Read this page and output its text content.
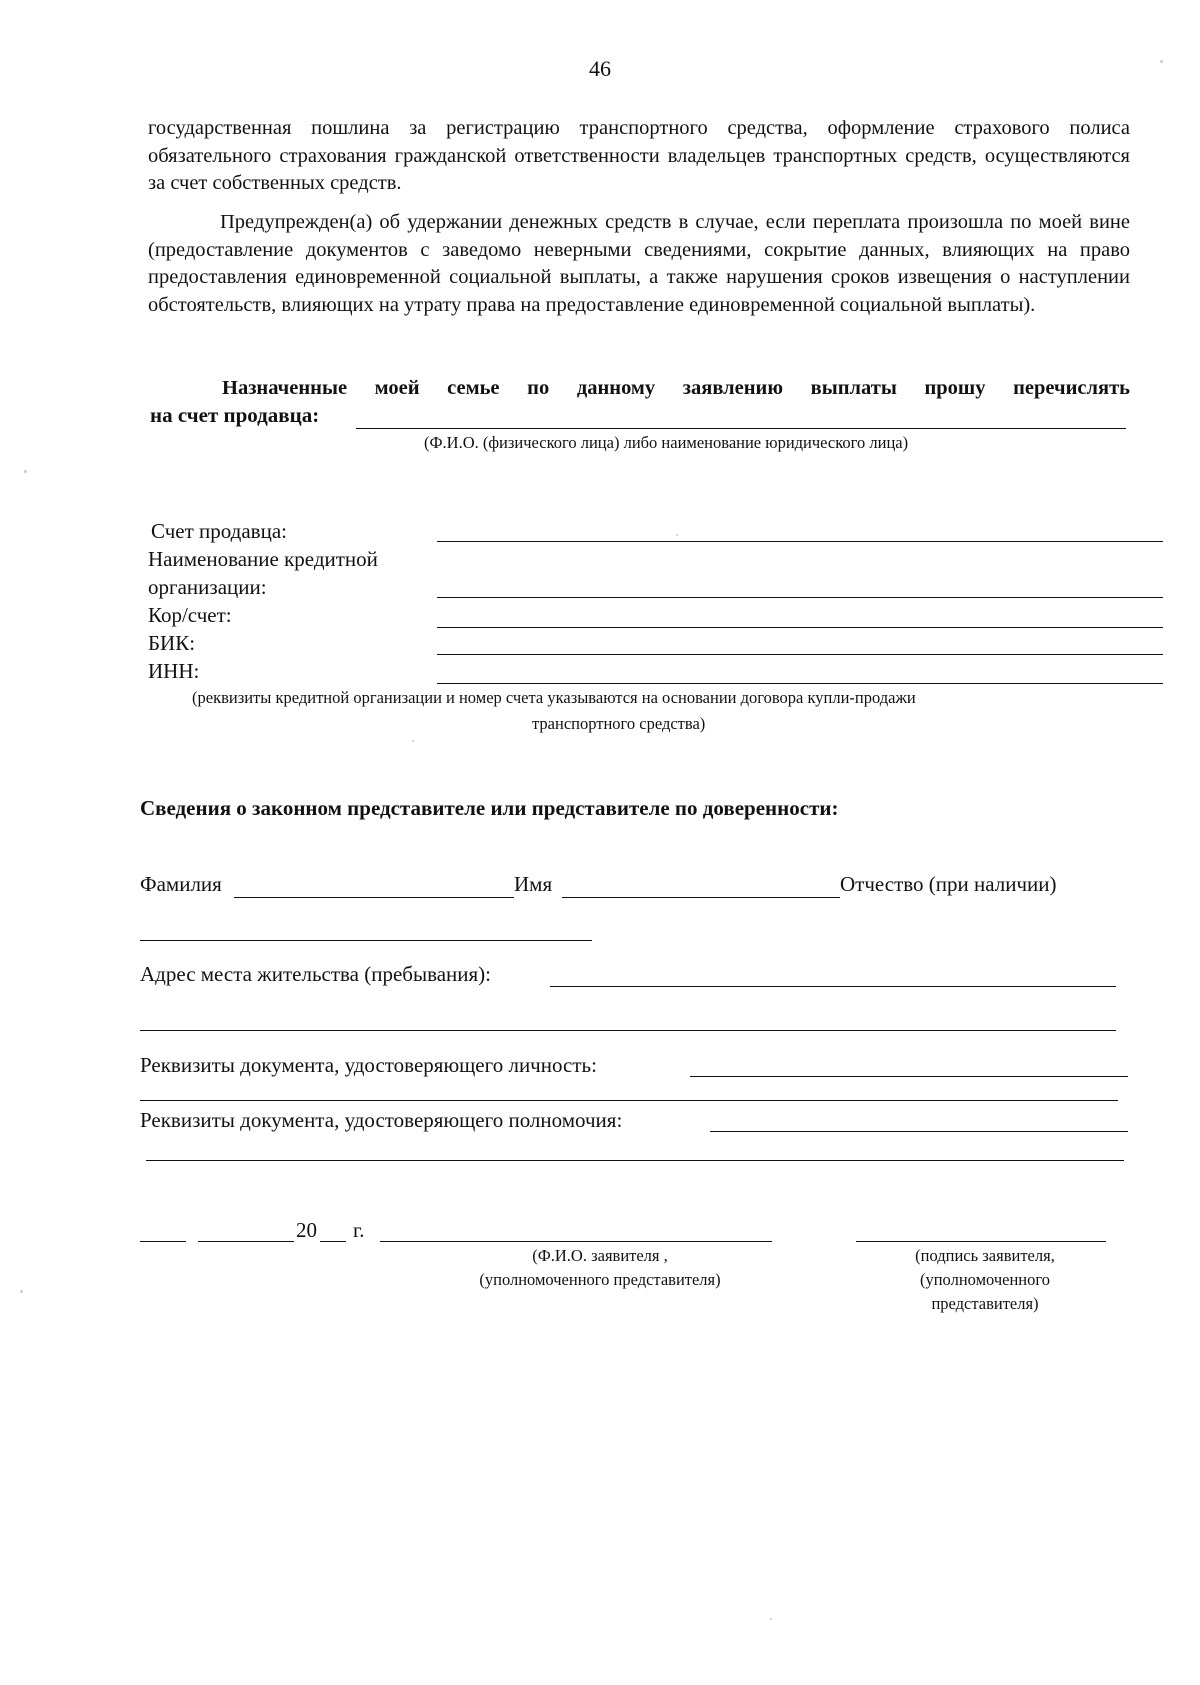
46
государственная пошлина за регистрацию транспортного средства, оформление страхового полиса обязательного страхования гражданской ответственности владельцев транспортных средств, осуществляются за счет собственных средств.
Предупрежден(а) об удержании денежных средств в случае, если переплата произошла по моей вине (предоставление документов с заведомо неверными сведениями, сокрытие данных, влияющих на право предоставления единовременной социальной выплаты, а также нарушения сроков извещения о наступлении обстоятельств, влияющих на утрату права на предоставление единовременной социальной выплаты).
Назначенные моей семье по данному заявлению выплаты прошу перечислять
на счет продавца:
(Ф.И.О. (физического лица) либо наименование юридического лица)
Счет продавца:
Наименование кредитной
организации:
Кор/счет:
БИК:
ИНН:
(реквизиты кредитной организации и номер счета указываются на основании договора купли-продажи
транспортного средства)
Сведения о законном представителе или представителе по доверенности:
Фамилия	Имя	Отчество (при наличии)
Адрес места жительства (пребывания):
Реквизиты документа, удостоверяющего личность:
Реквизиты документа, удостоверяющего полномочия:
20 г.
(Ф.И.О. заявителя ,
(уполномоченного представителя)
(подпись заявителя,
(уполномоченного
представителя)
